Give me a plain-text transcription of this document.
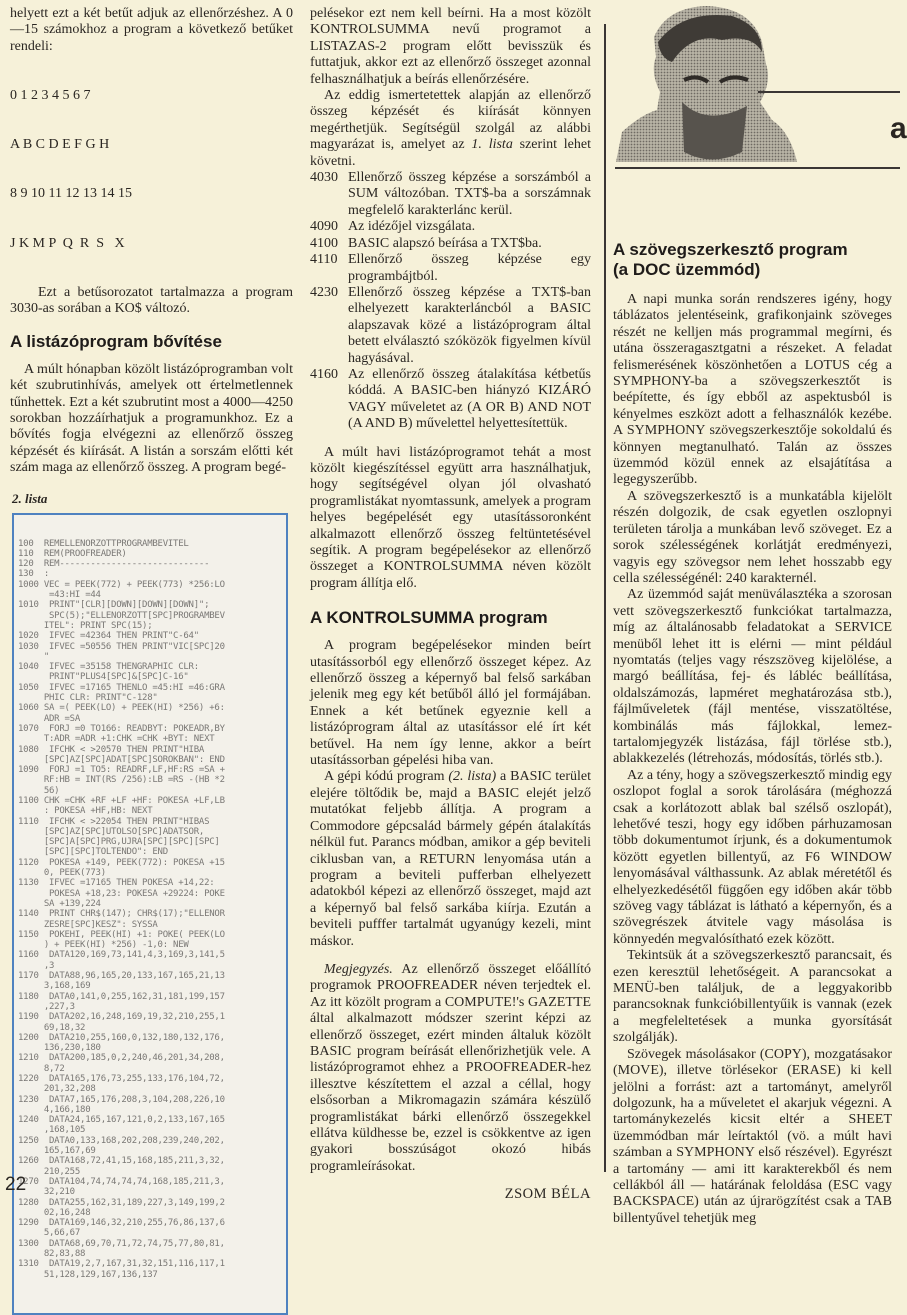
helyett ezt a két betűt adjuk az ellenőrzéshez. A 0—15 számokhoz a program a következő betűket rendeli:

0 1 2 3 4 5 6 7

A B C D E F G H

8 9 10 11 12 13 14 15

J K M P  Q  R  S   X

Ezt a betűsorozatot tartalmazza a program 3030-as sorában a KO$ változó.

A listázóprogram bővítése

A múlt hónapban közölt listázóprogramban volt két szubrutinhívás, amelyek ott értelmetlennek tűnhettek. Ezt a két szubrutint most a 4000—4250 sorokban hozzáírhatjuk a programunkhoz. Ez a bővítés fogja elvégezni az ellenőrző összeg képzését és kiírását. A listán a sorszám előtti két szám maga az ellenőrző összeg. A program begé-

2. lista
100  REMELLENORZOTTPROGRAMBEVITEL
110  REM(PROOFREADER)
120  REM-----------------------------
130  :
1000 VEC = PEEK(772) + PEEK(773) *256:LO
=43:HI =44
1010  PRINT"[CLR][DOWN][DOWN][DOWN]";
SPC(5);"ELLENORZOTT[SPC]PROGRAMBEV
ITEL": PRINT SPC(15);
1020  IFVEC =42364 THEN PRINT"C-64"
1030  IFVEC =50556 THEN PRINT"VIC[SPC]20
"
1040  IFVEC =35158 THENGRAPHIC CLR:
PRINT"PLUS4[SPC]&[SPC]C-16"
1050  IFVEC =17165 THENLO =45:HI =46:GRA
PHIC CLR: PRINT"C-128"
1060 SA =( PEEK(LO) + PEEK(HI) *256) +6:
ADR =SA
1070  FORJ =0 TO166: READBYT: POKEADR,BY
T:ADR =ADR +1:CHK =CHK +BYT: NEXT
1080  IFCHK < >20570 THEN PRINT"HIBA
[SPC]AZ[SPC]ADAT[SPC]SOROKBAN": END
1090  FORJ =1 TO5: READRF,LF,HF:RS =SA +
RF:HB = INT(RS /256):LB =RS -(HB *2
56)
1100 CHK =CHK +RF +LF +HF: POKESA +LF,LB
: POKESA +HF,HB: NEXT
1110  IFCHK < >22054 THEN PRINT"HIBAS
[SPC]AZ[SPC]UTOLSO[SPC]ADATSOR,
[SPC]A[SPC]PRG,UJRA[SPC][SPC][SPC]
[SPC][SPC]TOLTENDO": END
1120  POKESA +149, PEEK(772): POKESA +15
0, PEEK(773)
1130  IFVEC =17165 THEN POKESA +14,22:
POKESA +18,23: POKESA +29224: POKE
SA +139,224
1140  PRINT CHR$(147); CHR$(17);"ELLENOR
ZESRE[SPC]KESZ": SYSSA
1150  POKEHI, PEEK(HI) +1: POKE( PEEK(LO
) + PEEK(HI) *256) -1,0: NEW
1160  DATA120,169,73,141,4,3,169,3,141,5
,3
1170  DATA88,96,165,20,133,167,165,21,13
3,168,169
1180  DATA0,141,0,255,162,31,181,199,157
,227,3
1190  DATA202,16,248,169,19,32,210,255,1
69,18,32
1200  DATA210,255,160,0,132,180,132,176,
136,230,180
1210  DATA200,185,0,2,240,46,201,34,208,
8,72
1220  DATA165,176,73,255,133,176,104,72,
201,32,208
1230  DATA7,165,176,208,3,104,208,226,10
4,166,180
1240  DATA24,165,167,121,0,2,133,167,165
,168,105
1250  DATA0,133,168,202,208,239,240,202,
165,167,69
1260  DATA168,72,41,15,168,185,211,3,32,
210,255
1270  DATA104,74,74,74,74,168,185,211,3,
32,210
1280  DATA255,162,31,189,227,3,149,199,2
02,16,248
1290  DATA169,146,32,210,255,76,86,137,6
5,66,67
1300  DATA68,69,70,71,72,74,75,77,80,81,
82,83,88
1310  DATA19,2,7,167,31,32,151,116,117,1
51,128,129,167,136,137

pelésekor ezt nem kell beírni. Ha a most közölt KONTROLSUMMA nevű programot a LISTAZAS-2 program előtt bevisszük és futtatjuk, akkor ezt az ellenőrző összeget azonnal felhasználhatjuk a beírás ellenőrzésére.

Az eddig ismertetettek alapján az ellenőrző összeg képzését és kiírását könnyen megérthetjük. Segítségül szolgál az alábbi magyarázat is, amelyet az 1. lista szerint lehet követni.

4030 Ellenőrző összeg képzése a sorszámból a SUM változóban. TXT$-ba a sorszámnak megfelelő karakterlánc kerül.
4090 Az idézőjel vizsgálata.
4100 BASIC alapszó beírása a TXT$ba.
4110 Ellenőrző összeg képzése egy programbájtból.
4230 Ellenőrző összeg képzése a TXT$-ban elhelyezett karakterláncból a BASIC alapszavak közé a listázóprogram által betett elválasztó szóközök figyelmen kívül hagyásával.
4160 Az ellenőrző összeg átalakítása kétbetűs kóddá. A BASIC-ben hiányzó KIZÁRÓ VAGY műveletet az (A OR B) AND NOT (A AND B) művelettel helyettesítettük.

A múlt havi listázóprogramot tehát a most közölt kiegészítéssel együtt arra használhatjuk, hogy segítségével olyan jól olvasható programlistákat nyomtassunk, amelyek a program helyes begépelését egy utasítássoronként alkalmazott ellenőrző összeg feltüntetésével segítik. A program begépelésekor az ellenőrző összeget a KONTROLSUMMA néven közölt program állítja elő.

A KONTROLSUMMA program

A program begépelésekor minden beírt utasítássorból egy ellenőrző összeget képez. Az ellenőrző összeg a képernyő bal felső sarkában jelenik meg egy két betűből álló jel formájában. Ennek a két betűnek egyeznie kell a listázóprogram által az utasítássor elé írt két betűvel. Ha nem így lenne, akkor a beírt utasítássorban gépelési hiba van.

A gépi kódú program (2. lista) a BASIC terület elejére töltődik be, majd a BASIC elejét jelző mutatókat feljebb állítja. A program a Commodore gépcsalád bármely gépén átalakítás nélkül fut. Parancs módban, amikor a gép beviteli ciklusban van, a RETURN lenyomása után a program a beviteli pufferban elhelyezett adatokból képezi az ellenőrző összeget, majd azt a képernyő bal felső sarkába kiírja. Ezután a beviteli pufffer tartalmát ugyanúgy kezeli, mint máskor.

Megjegyzés. Az ellenőrző összeget előállító programok PROOFREADER néven terjedtek el. Az itt közölt program a COMPUTE!'s GAZETTE által alkalmazott módszer szerint képzi az ellenőrző összeget, ezért minden általuk közölt BASIC program beírását ellenőrizhetjük vele. A listázóprogramot ehhez a PROOFREADER-hez illesztve készítettem el azzal a céllal, hogy elsősorban a Mikromagazin számára készülő programlistákat bárki ellenőrző összegekkel ellátva küldhesse be, ezzel is csökkentve az igen gyakori bosszúságot okozó hibás programleírásokat.

ZSOM BÉLA
a
A szövegszerkesztő program
(a DOC üzemmód)

A napi munka során rendszeres igény, hogy táblázatos jelentéseink, grafikonjaink szöveges részét ne kelljen más programmal megírni, és utána összeragasztgatni a részeket. A feladat felismerésének köszönhetően a LOTUS cég a SYMPHONY-ba a szövegszerkesztőt is beépítette, és így ebből az aspektusból is kényelmes eszközt adott a felhasználók kezébe. A SYMPHONY szövegszerkesztője sokoldalú és könnyen megtanulható. Talán az összes üzemmód közül ennek az elsajátítása a legegyszerűbb.

A szövegszerkesztő is a munkatábla kijelölt részén dolgozik, de csak egyetlen oszlopnyi területen tárolja a munkában levő szöveget. Ez a sorok szélességének korlátját eredményezi, vagyis egy szövegsor nem lehet hosszabb egy cella szélességénél: 240 karakternél.

Az üzemmód saját menüválasztéka a szorosan vett szövegszerkesztő funkciókat tartalmazza, míg az általánosabb feladatokat a SERVICE menüből lehet itt is elérni — mint például nyomtatás (teljes vagy részszöveg kijelölése, a margó beállítása, fej- és lábléc beállítása, oldalszámozás, lapméret meghatározása stb.), fájlműveletek (fájl mentése, visszatöltése, kombinálás más fájlokkal, lemez-tartalomjegyzék listázása, fájl törlése stb.), ablakkezelés (létrehozás, módosítás, törlés stb.).

Az a tény, hogy a szövegszerkesztő mindig egy oszlopot foglal a sorok tárolására (méghozzá csak a korlátozott ablak bal szélső oszlopát), lehetővé teszi, hogy egy időben párhuzamosan több dokumentumot írjunk, és a dokumentumok között egyetlen billentyű, az F6 WINDOW lenyomásával válthassunk. Az ablak méretétől és elhelyezkedésétől függően egy időben akár több szöveg vagy táblázat is látható a képernyőn, és a szövegrészek átvitele vagy másolása is könnyedén megvalósítható ezek között.

Tekintsük át a szövegszerkesztő parancsait, és ezen keresztül lehetőségeit. A parancsokat a MENÜ-ben találjuk, de a leggyakoribb parancsoknak funkcióbillentyűik is vannak (ezek a megfeleltetések a munka gyorsítását szolgálják).

Szövegek másolásakor (COPY), mozgatásakor (MOVE), illetve törlésekor (ERASE) ki kell jelölni a forrást: azt a tartományt, amelyről dolgozunk, ha a műveletet el akarjuk végezni. A tartománykezelés kicsit eltér a SHEET üzemmódban már leírtaktól (vö. a múlt havi számban a SYMPHONY első részével). Egyrészt a tartomány — ami itt karakterekből és nem cellákból áll — határának feloldása (ESC vagy BACKSPACE) után az újrarögzítést csak a TAB billentyűvel tehetjük meg

22
